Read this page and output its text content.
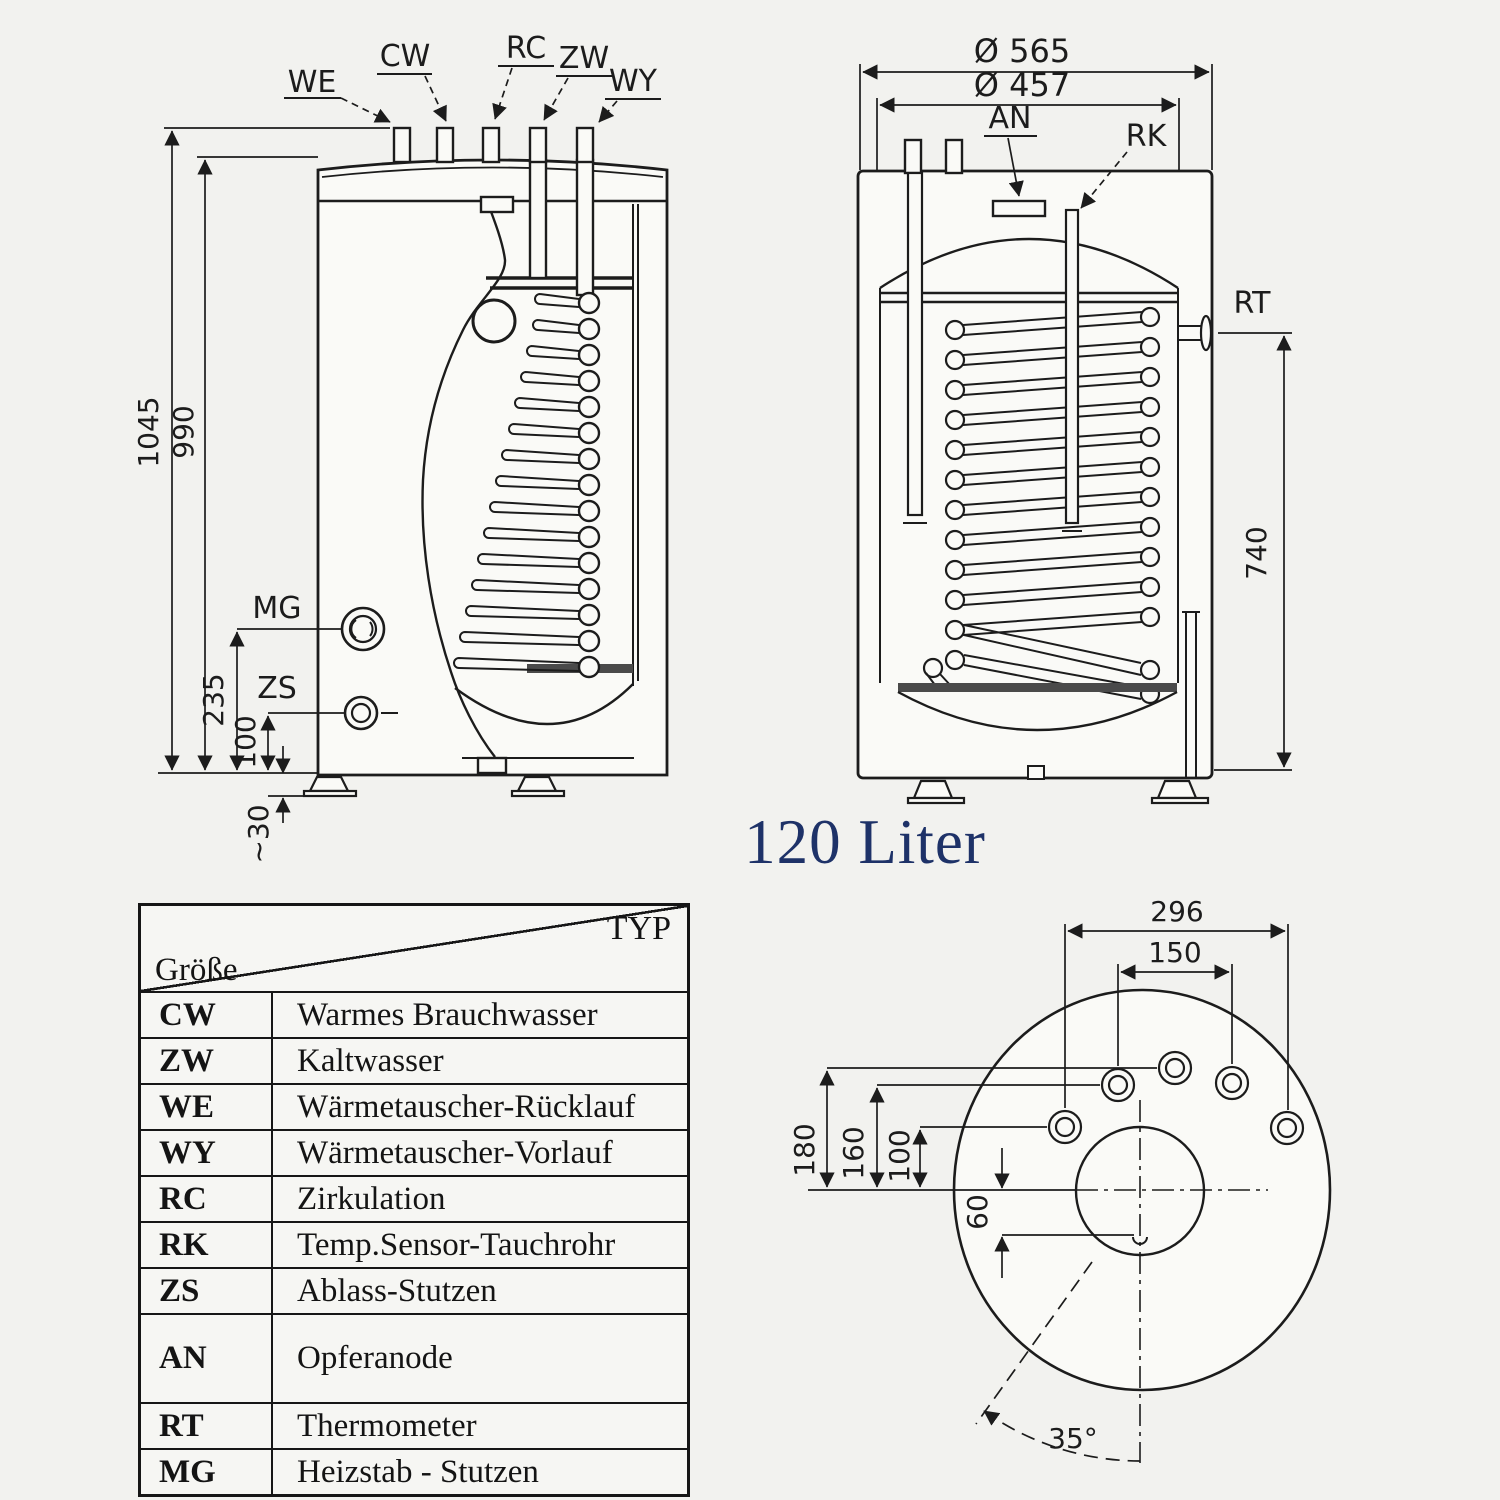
WE
CW	RC ZW
WY
MG
ZS
1045 990
235
100
~30
Ø 565
Ø 457
AN
RK
RT
740
296
150
180 160 100
60
35°
120 Liter
TYP
Größe
CW	Warmes Brauchwasser
ZW	Kaltwasser
WE	Wärmetauscher-Rücklauf
WY	Wärmetauscher-Vorlauf
RC	Zirkulation
RK	Temp.Sensor-Tauchrohr
ZS	Ablass-Stutzen
AN	Opferanode
RT	Thermometer
MG	Heizstab - Stutzen
